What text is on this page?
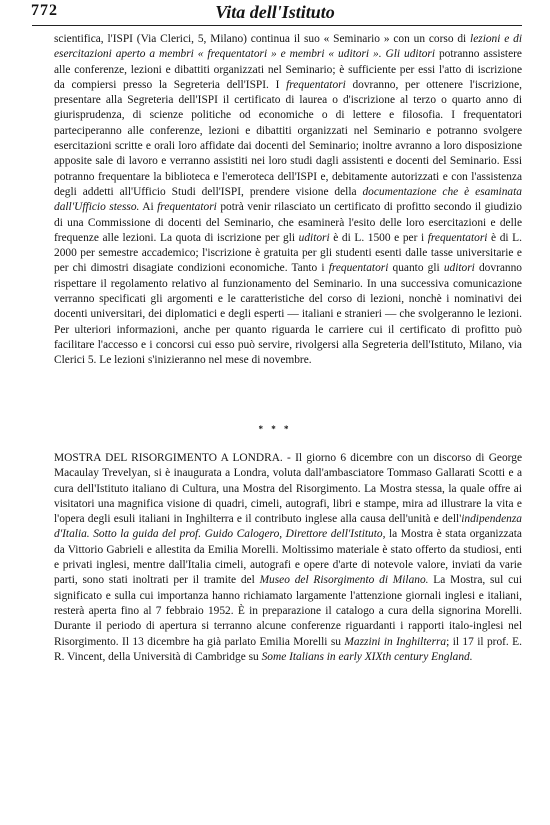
772	Vita dell'Istituto

scientifica, l'ISPI (Via Clerici, 5, Milano) continua il suo « Seminario » con un corso di lezioni e di esercitazioni aperto a membri « frequentatori » e membri « uditori ». Gli uditori potranno assistere alle conferenze, lezioni e dibattiti organizzati nel Seminario; è sufficiente per essi l'atto di iscrizione da compiersi presso la Segreteria dell'ISPI. I frequentatori dovranno, per ottenere l'iscrizione, presentare alla Segreteria dell'ISPI il certificato di laurea o d'iscrizione al terzo o quarto anno di giurisprudenza, di scienze politiche od economiche o di lettere e filosofia. I frequentatori parteciperanno alle conferenze, lezioni e dibattiti organizzati nel Seminario e potranno svolgere esercitazioni scritte e orali loro affidate dai docenti del Seminario; inoltre avranno a loro disposizione apposite sale di lavoro e verranno assistiti nei loro studi dagli assistenti e docenti del Seminario. Essi potranno frequentare la biblioteca e l'emeroteca dell'ISPI e, debitamente autorizzati e con l'assistenza degli addetti all'Ufficio Studi dell'ISPI, prendere visione della documentazione che è esaminata dall'Ufficio stesso. Ai frequentatori potrà venir rilasciato un certificato di profitto secondo il giudizio di una Commissione di docenti del Seminario, che esaminerà l'esito delle loro esercitazioni e delle frequenze alle lezioni. La quota di iscrizione per gli uditori è di L. 1500 e per i frequentatori è di L. 2000 per semestre accademico; l'iscrizione è gratuita per gli studenti esenti dalle tasse universitarie e per chi dimostri disagiate condizioni economiche. Tanto i frequentatori quanto gli uditori dovranno rispettare il regolamento relativo al funzionamento del Seminario. In una successiva comunicazione verranno specificati gli argomenti e le caratteristiche del corso di lezioni, nonchè i nominativi dei docenti universitari, dei diplomatici e degli esperti — italiani e stranieri — che svolgeranno le lezioni. Per ulteriori informazioni, anche per quanto riguarda le carriere cui il certificato di profitto può facilitare l'accesso e i concorsi cui esso può servire, rivolgersi alla Segreteria dell'Istituto, Milano, via Clerici 5. Le lezioni s'inizieranno nel mese di novembre.

* * *

MOSTRA DEL RISORGIMENTO A LONDRA. - Il giorno 6 dicembre con un discorso di George Macaulay Trevelyan, si è inaugurata a Londra, voluta dall'ambasciatore Tommaso Gallarati Scotti e a cura dell'Istituto italiano di Cultura, una Mostra del Risorgimento. La Mostra stessa, la quale offre ai visitatori una magnifica visione di quadri, cimeli, autografi, libri e stampe, mira ad illustrare la vita e l'opera degli esuli italiani in Inghilterra e il contributo inglese alla causa dell'unità e dell'indipendenza d'Italia. Sotto la guida del prof. Guido Calogero, Direttore dell'Istituto, la Mostra è stata organizzata da Vittorio Gabrieli e allestita da Emilia Morelli. Moltissimo materiale è stato offerto da studiosi, enti e privati inglesi, mentre dall'Italia cimeli, autografi e opere d'arte di notevole valore, inviati da varie parti, sono stati inoltrati per il tramite del Museo del Risorgimento di Milano. La Mostra, sul cui significato e sulla cui importanza hanno richiamato largamente l'attenzione giornali inglesi e italiani, resterà aperta fino al 7 febbraio 1952. È in preparazione il catalogo a cura della signorina Morelli. Durante il periodo di apertura si terranno alcune conferenze riguardanti i rapporti italo-inglesi nel Risorgimento. Il 13 dicembre ha già parlato Emilia Morelli su Mazzini in Inghilterra; il 17 il prof. E. R. Vincent, della Università di Cambridge su Some Italians in early XIXth century England.
